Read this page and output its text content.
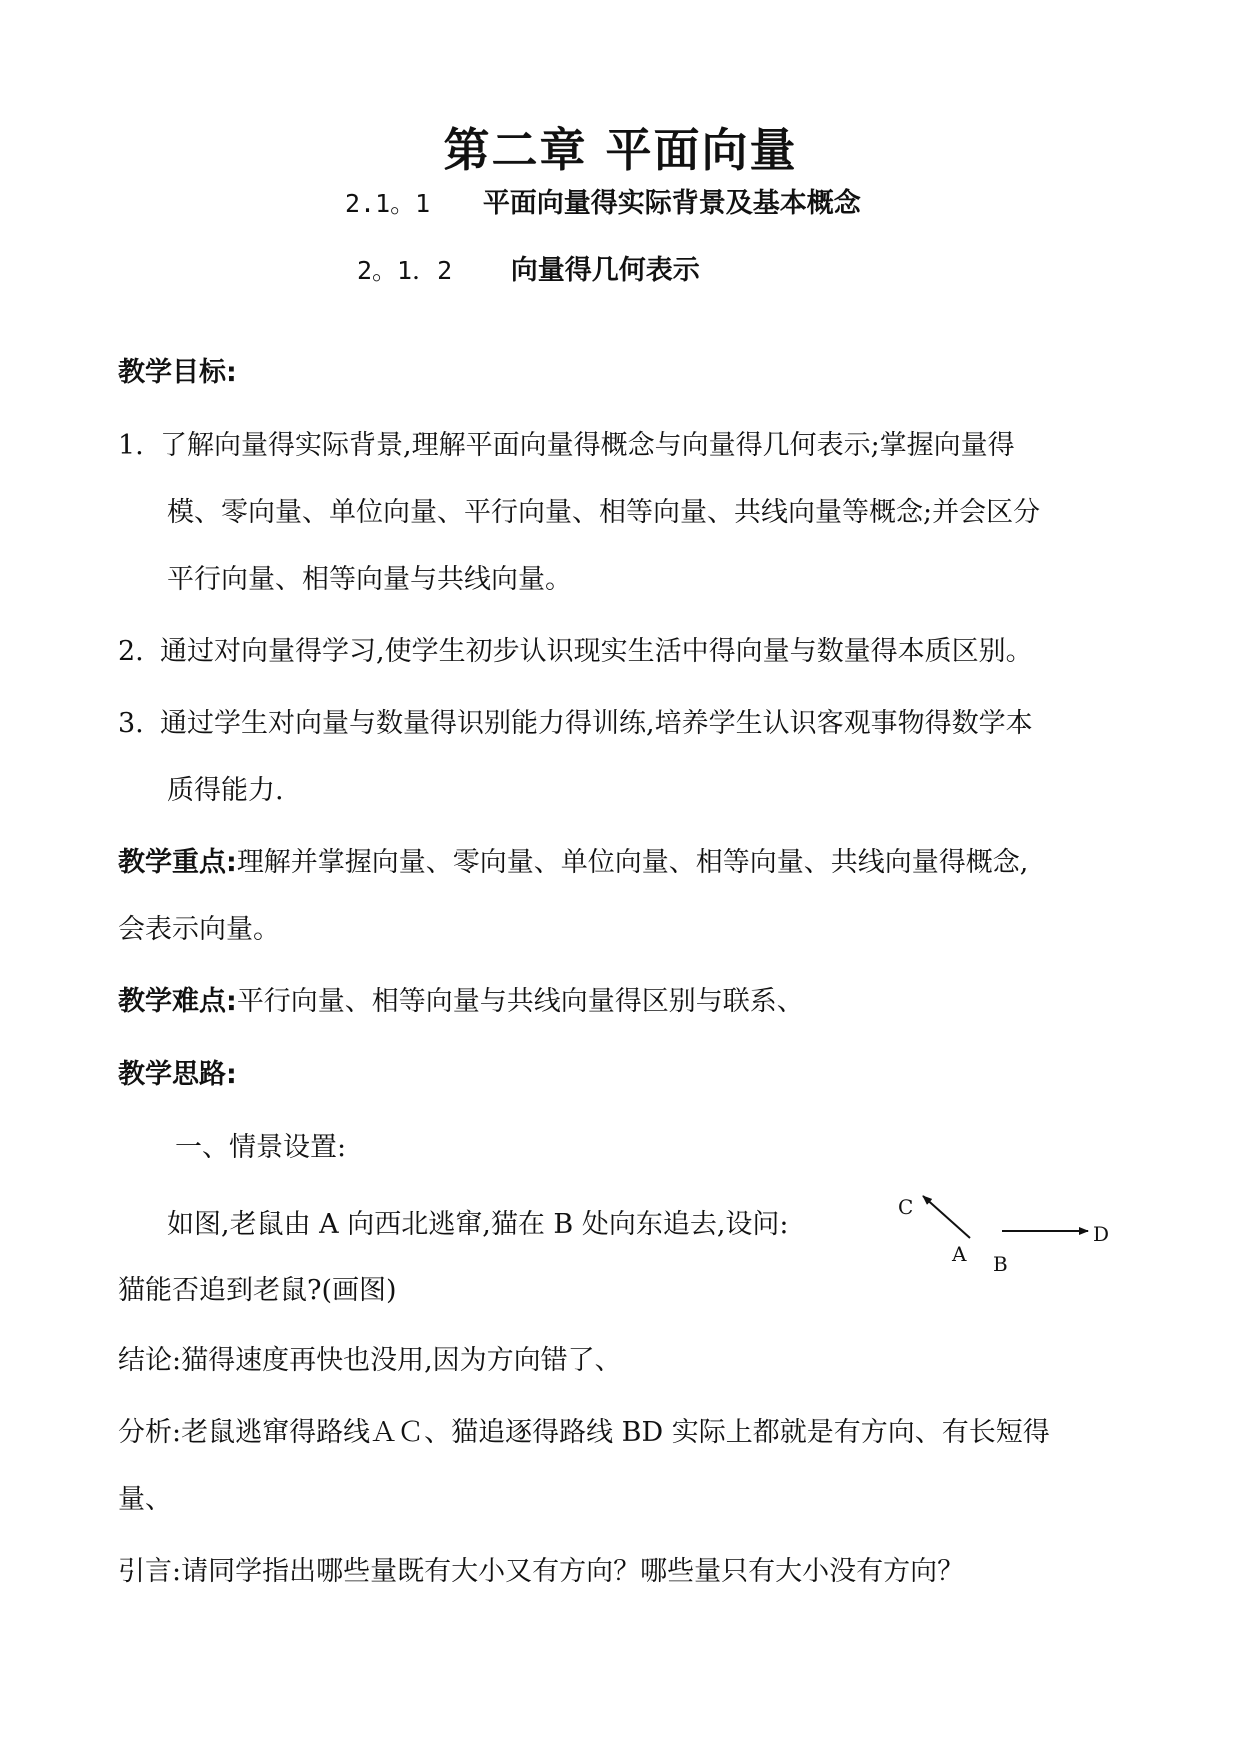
第二章 平面向量
2.1。1 平面向量得实际背景及基本概念
2。1．2 向量得几何表示
教学目标:
1. 了解向量得实际背景,理解平面向量得概念与向量得几何表示;掌握向量得
模、零向量、单位向量、平行向量、相等向量、共线向量等概念;并会区分
平行向量、相等向量与共线向量。
2. 通过对向量得学习,使学生初步认识现实生活中得向量与数量得本质区别。
3. 通过学生对向量与数量得识别能力得训练,培养学生认识客观事物得数学本
质得能力.
教学重点:理解并掌握向量、零向量、单位向量、相等向量、共线向量得概念,
会表示向量。
教学难点:平行向量、相等向量与共线向量得区别与联系、
教学思路:
一、情景设置:
如图,老鼠由 A 向西北逃窜,猫在 B 处向东追去,设问:
猫能否追到老鼠?(画图)
C
A B
D
结论:猫得速度再快也没用,因为方向错了、
分析:老鼠逃窜得路线ＡＣ、猫追逐得路线 BD 实际上都就是有方向、有长短得
量、
引言:请同学指出哪些量既有大小又有方向？哪些量只有大小没有方向？
